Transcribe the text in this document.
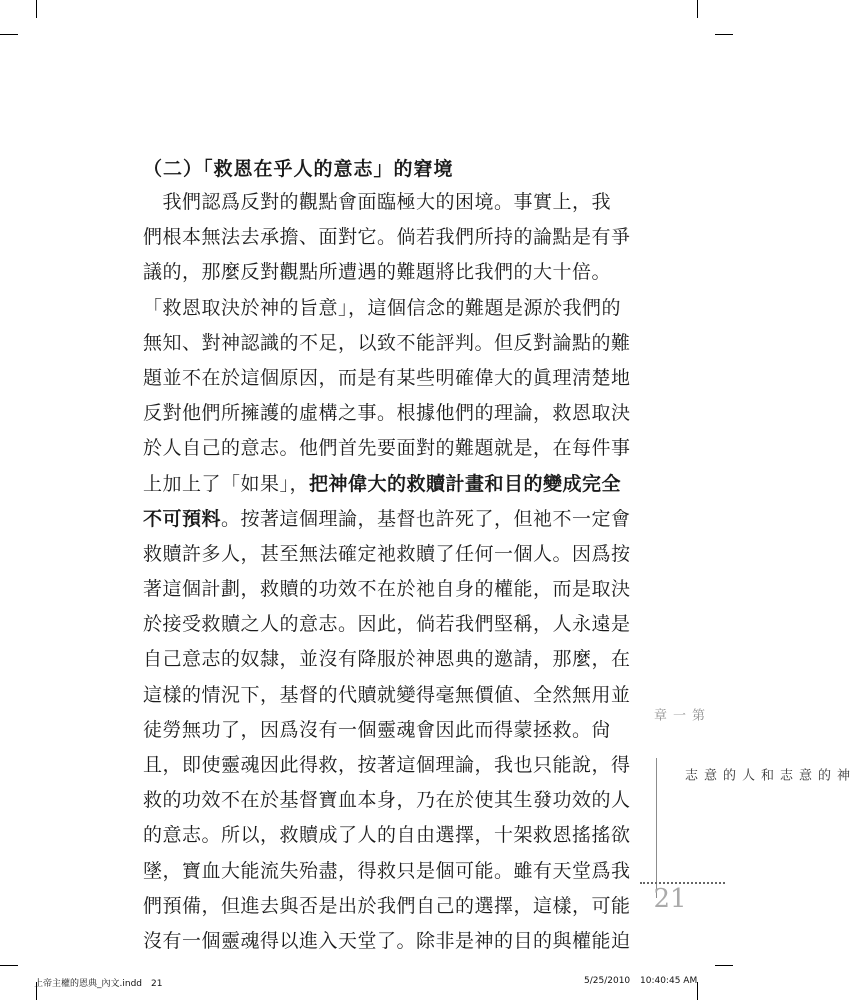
（二）「救恩在乎人的意志」的窘境
　我們認爲反對的觀點會面臨極大的困境。事實上，我
們根本無法去承擔、面對它。倘若我們所持的論點是有爭
議的，那麼反對觀點所遭遇的難題將比我們的大十倍。
「救恩取決於神的旨意」，這個信念的難題是源於我們的
無知、對神認識的不足，以致不能評判。但反對論點的難
題並不在於這個原因，而是有某些明確偉大的眞理淸楚地
反對他們所擁護的虛構之事。根據他們的理論，救恩取決
於人自己的意志。他們首先要面對的難題就是，在每件事
上加上了「如果」，把神偉大的救贖計畫和目的變成完全
不可預料。按著這個理論，基督也許死了，但祂不一定會
救贖許多人，甚至無法確定祂救贖了任何一個人。因爲按
著這個計劃，救贖的功效不在於祂自身的權能，而是取決
於接受救贖之人的意志。因此，倘若我們堅稱，人永遠是
自己意志的奴隸，並沒有降服於神恩典的邀請，那麼，在
這樣的情況下，基督的代贖就變得毫無價値、全然無用並
徒勞無功了，因爲沒有一個靈魂會因此而得蒙拯救。尙
且，即使靈魂因此得救，按著這個理論，我也只能說，得
救的功效不在於基督寶血本身，乃在於使其生發功效的人
的意志。所以，救贖成了人的自由選擇，十架救恩搖搖欲
墜，寶血大能流失殆盡，得救只是個可能。雖有天堂爲我
們預備，但進去與否是出於我們自己的選擇，這樣，可能
沒有一個靈魂得以進入天堂了。除非是神的目的與權能迫
第一章
神的意志和人的意志
21
上帝主權的恩典_內文.indd　21	5/25/2010 10:40:45 AM
